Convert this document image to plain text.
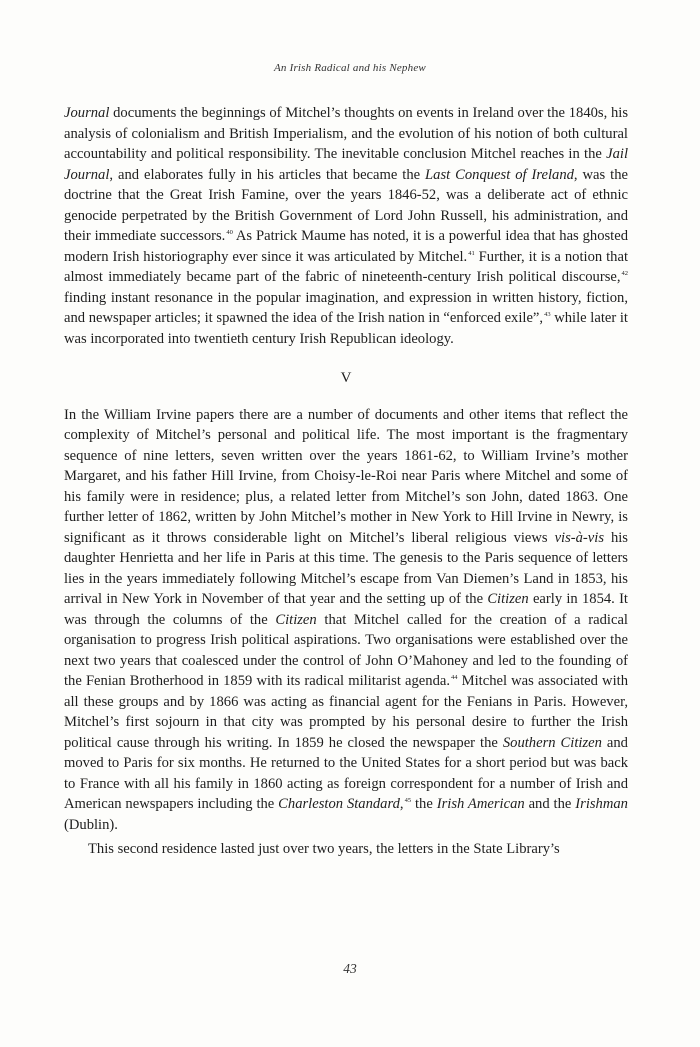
An Irish Radical and his Nephew

Journal documents the beginnings of Mitchel’s thoughts on events in Ireland over the 1840s, his analysis of colonialism and British Imperialism, and the evolution of his notion of both cultural accountability and political responsibility. The inevitable conclusion Mitchel reaches in the Jail Journal, and elaborates fully in his articles that became the Last Conquest of Ireland, was the doctrine that the Great Irish Famine, over the years 1846-52, was a deliberate act of ethnic genocide perpetrated by the British Government of Lord John Russell, his administration, and their immediate successors.$^{40}$ As Patrick Maume has noted, it is a powerful idea that has ghosted modern Irish historiography ever since it was articulated by Mitchel.$^{41}$ Further, it is a notion that almost immediately became part of the fabric of nineteenth-century Irish political discourse,$^{42}$ finding instant resonance in the popular imagination, and expression in written history, fiction, and newspaper articles; it spawned the idea of the Irish nation in “enforced exile”,$^{43}$ while later it was incorporated into twentieth century Irish Republican ideology.

V

In the William Irvine papers there are a number of documents and other items that reflect the complexity of Mitchel’s personal and political life. The most important is the fragmentary sequence of nine letters, seven written over the years 1861-62, to William Irvine’s mother Margaret, and his father Hill Irvine, from Choisy-le-Roi near Paris where Mitchel and some of his family were in residence; plus, a related letter from Mitchel’s son John, dated 1863. One further letter of 1862, written by John Mitchel’s mother in New York to Hill Irvine in Newry, is significant as it throws considerable light on Mitchel’s liberal religious views vis-à-vis his daughter Henrietta and her life in Paris at this time. The genesis to the Paris sequence of letters lies in the years immediately following Mitchel’s escape from Van Diemen’s Land in 1853, his arrival in New York in November of that year and the setting up of the Citizen early in 1854. It was through the columns of the Citizen that Mitchel called for the creation of a radical organisation to progress Irish political aspirations. Two organisations were established over the next two years that coalesced under the control of John O’Mahoney and led to the founding of the Fenian Brotherhood in 1859 with its radical militarist agenda.$^{44}$ Mitchel was associated with all these groups and by 1866 was acting as financial agent for the Fenians in Paris. However, Mitchel’s first sojourn in that city was prompted by his personal desire to further the Irish political cause through his writing. In 1859 he closed the newspaper the Southern Citizen and moved to Paris for six months. He returned to the United States for a short period but was back to France with all his family in 1860 acting as foreign correspondent for a number of Irish and American newspapers including the Charleston Standard,$^{45}$ the Irish American and the Irishman (Dublin).

This second residence lasted just over two years, the letters in the State Library’s

43
